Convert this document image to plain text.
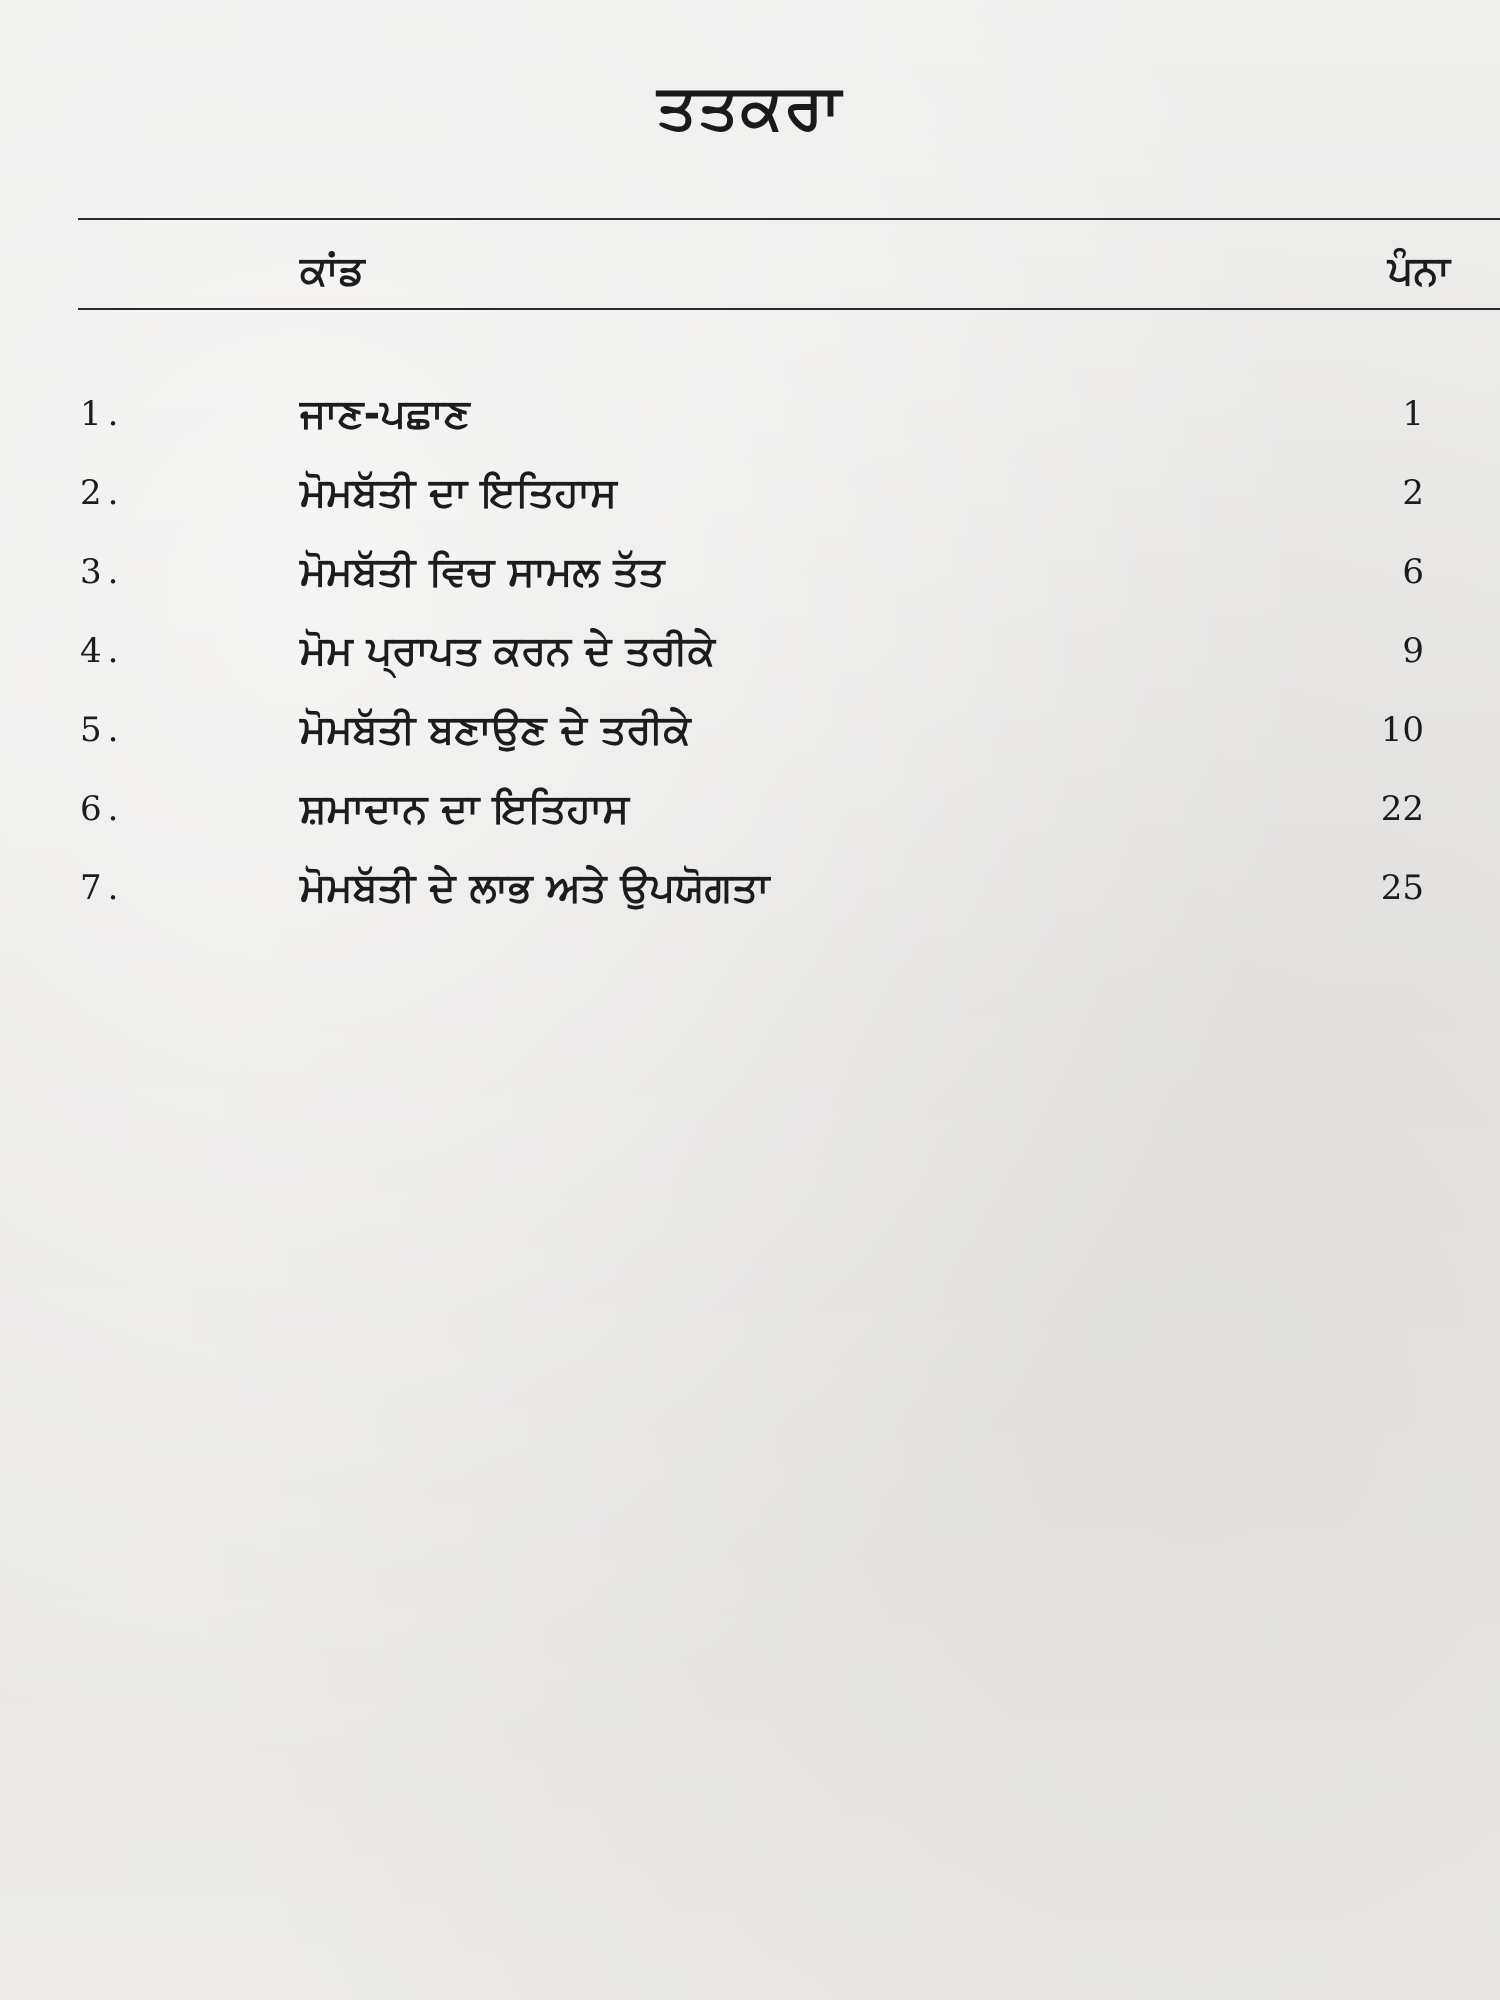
ਤਤਕਰਾ
ਕਾਂਡ	ਪੰਨਾ
1.	ਜਾਣ-ਪਛਾਣ	1
2.	ਮੋਮਬੱਤੀ ਦਾ ਇਤਿਹਾਸ	2
3.	ਮੋਮਬੱਤੀ ਵਿਚ ਸਾਮਲ ਤੱਤ	6
4.	ਮੋਮ ਪ੍ਰਾਪਤ ਕਰਨ ਦੇ ਤਰੀਕੇ	9
5.	ਮੋਮਬੱਤੀ ਬਣਾਉਣ ਦੇ ਤਰੀਕੇ	10
6.	ਸ਼ਮਾਦਾਨ ਦਾ ਇਤਿਹਾਸ	22
7.	ਮੋਮਬੱਤੀ ਦੇ ਲਾਭ ਅਤੇ ਉਪਯੋਗਤਾ	25
